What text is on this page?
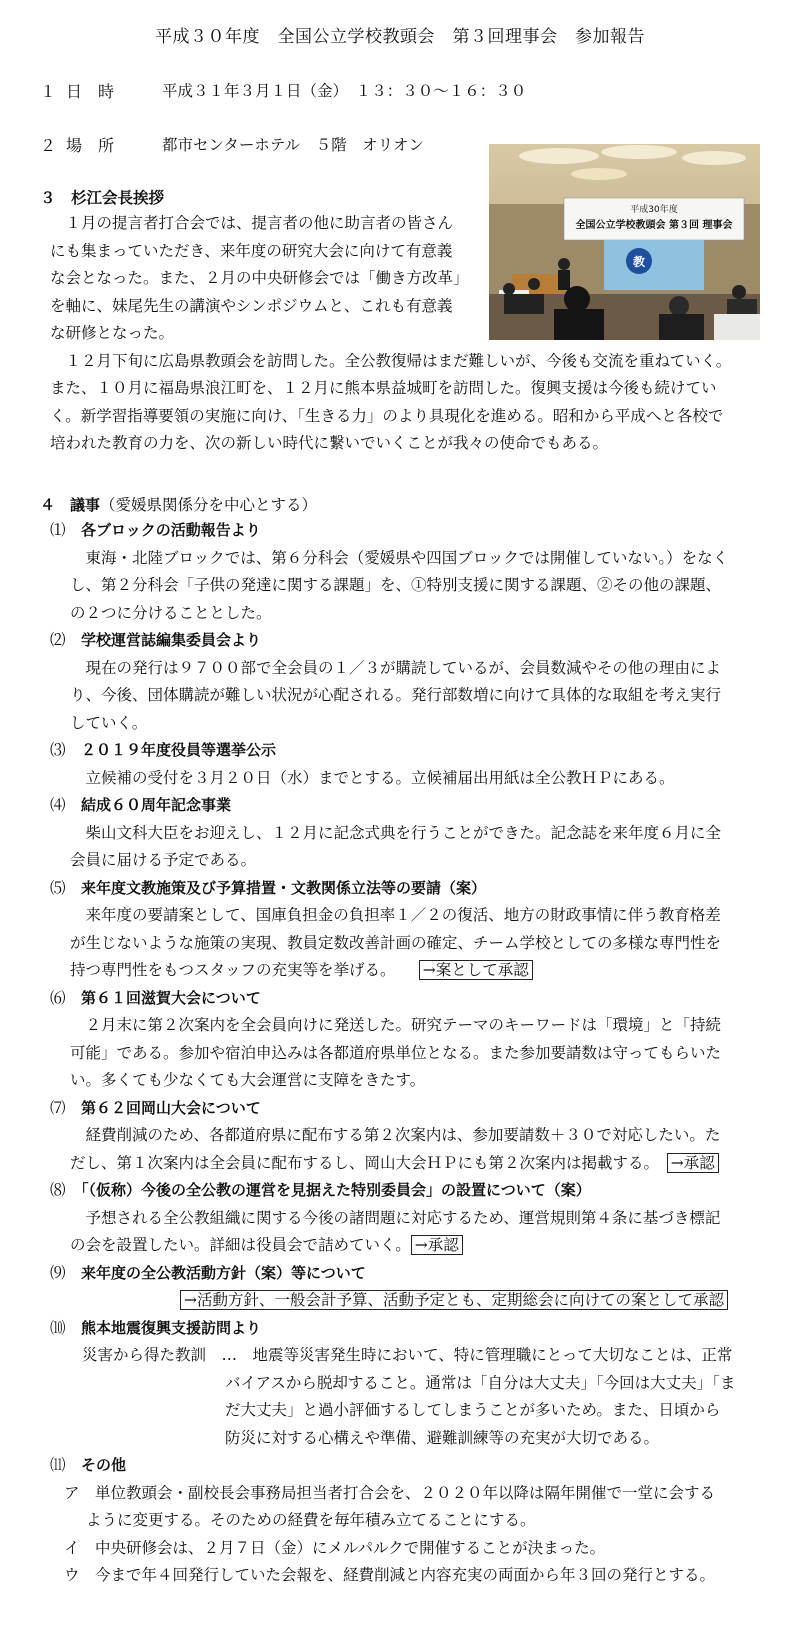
平成３０年度　全国公立学校教頭会　第３回理事会　参加報告
１ 日　時	平成３１年３月１日（金）　１３：３０～１６：３０
２ 場　所	都市センターホテル　５階　オリオン
平成30年度
全国公立学校教頭会 第３回 理事会
教
３　杉江会長挨拶
　１月の提言者打合会では、提言者の他に助言者の皆さん
にも集まっていただき、来年度の研究大会に向けて有意義
な会となった。また、２月の中央研修会では「働き方改革」
を軸に、妹尾先生の講演やシンポジウムと、これも有意義
な研修となった。
　１２月下旬に広島県教頭会を訪問した。全公教復帰はまだ難しいが、今後も交流を重ねていく。
また、１０月に福島県浪江町を、１２月に熊本県益城町を訪問した。復興支援は今後も続けてい
く。新学習指導要領の実施に向け、「生きる力」のより具現化を進める。昭和から平成へと各校で
培われた教育の力を、次の新しい時代に繋いでいくことが我々の使命でもある。
４　議事（愛媛県関係分を中心とする）
⑴　 各ブロックの活動報告より
　東海・北陸ブロックでは、第６分科会（愛媛県や四国ブロックでは開催していない。）をなく
し、第２分科会「子供の発達に関する課題」を、①特別支援に関する課題、②その他の課題、
の２つに分けることとした。
⑵　 学校運営誌編集委員会より
　現在の発行は９７００部で全会員の１／３が購読しているが、会員数減やその他の理由によ
り、今後、団体購読が難しい状況が心配される。発行部数増に向けて具体的な取組を考え実行
していく。
⑶　 ２０１９年度役員等選挙公示
　立候補の受付を３月２０日（水）までとする。立候補届出用紙は全公教ＨＰにある。
⑷　 結成６０周年記念事業
　柴山文科大臣をお迎えし、１２月に記念式典を行うことができた。記念誌を来年度６月に全
会員に届ける予定である。
⑸　 来年度文教施策及び予算措置・文教関係立法等の要請（案）
　来年度の要請案として、国庫負担金の負担率１／２の復活、地方の財政事情に伴う教育格差
が生じないような施策の実現、教員定数改善計画の確定、チーム学校としての多様な専門性を
持つ専門性をもつスタッフの充実等を挙げる。　　 →案として承認
⑹　 第６１回滋賀大会について
　２月末に第２次案内を全会員向けに発送した。研究テーマのキーワードは「環境」と「持続
可能」である。参加や宿泊申込みは各都道府県単位となる。また参加要請数は守ってもらいた
い。多くても少なくても大会運営に支障をきたす。
⑺　 第６２回岡山大会について
　経費削減のため、各都道府県に配布する第２次案内は、参加要請数＋３０で対応したい。た
だし、第１次案内は全会員に配布するし、岡山大会ＨＰにも第２次案内は掲載する。　 →承認
⑻　 「（仮称）今後の全公教の運営を見据えた特別委員会」の設置について（案）
　予想される全公教組織に関する今後の諸問題に対応するため、運営規則第４条に基づき標記
の会を設置したい。詳細は役員会で詰めていく。 →承認
⑼　 来年度の全公教活動方針（案）等について
→活動方針、一般会計予算、活動予定とも、定期総会に向けての案として承認
⑽　 熊本地震復興支援訪問より
災害から得た教訓　…　 地震等災害発生時において、特に管理職にとって大切なことは、正常
バイアスから脱却すること。通常は「自分は大丈夫」「今回は大丈夫」「ま
だ大丈夫」と過小評価するしてしまうことが多いため。また、日頃から
防災に対する心構えや準備、避難訓練等の充実が大切である。
⑾　 その他
ア　 単位教頭会・副校長会事務局担当者打合会を、２０２０年以降は隔年開催で一堂に会する
ように変更する。そのための経費を毎年積み立てることにする。
イ　 中央研修会は、２月７日（金）にメルパルクで開催することが決まった。
ウ　 今まで年４回発行していた会報を、経費削減と内容充実の両面から年３回の発行とする。
